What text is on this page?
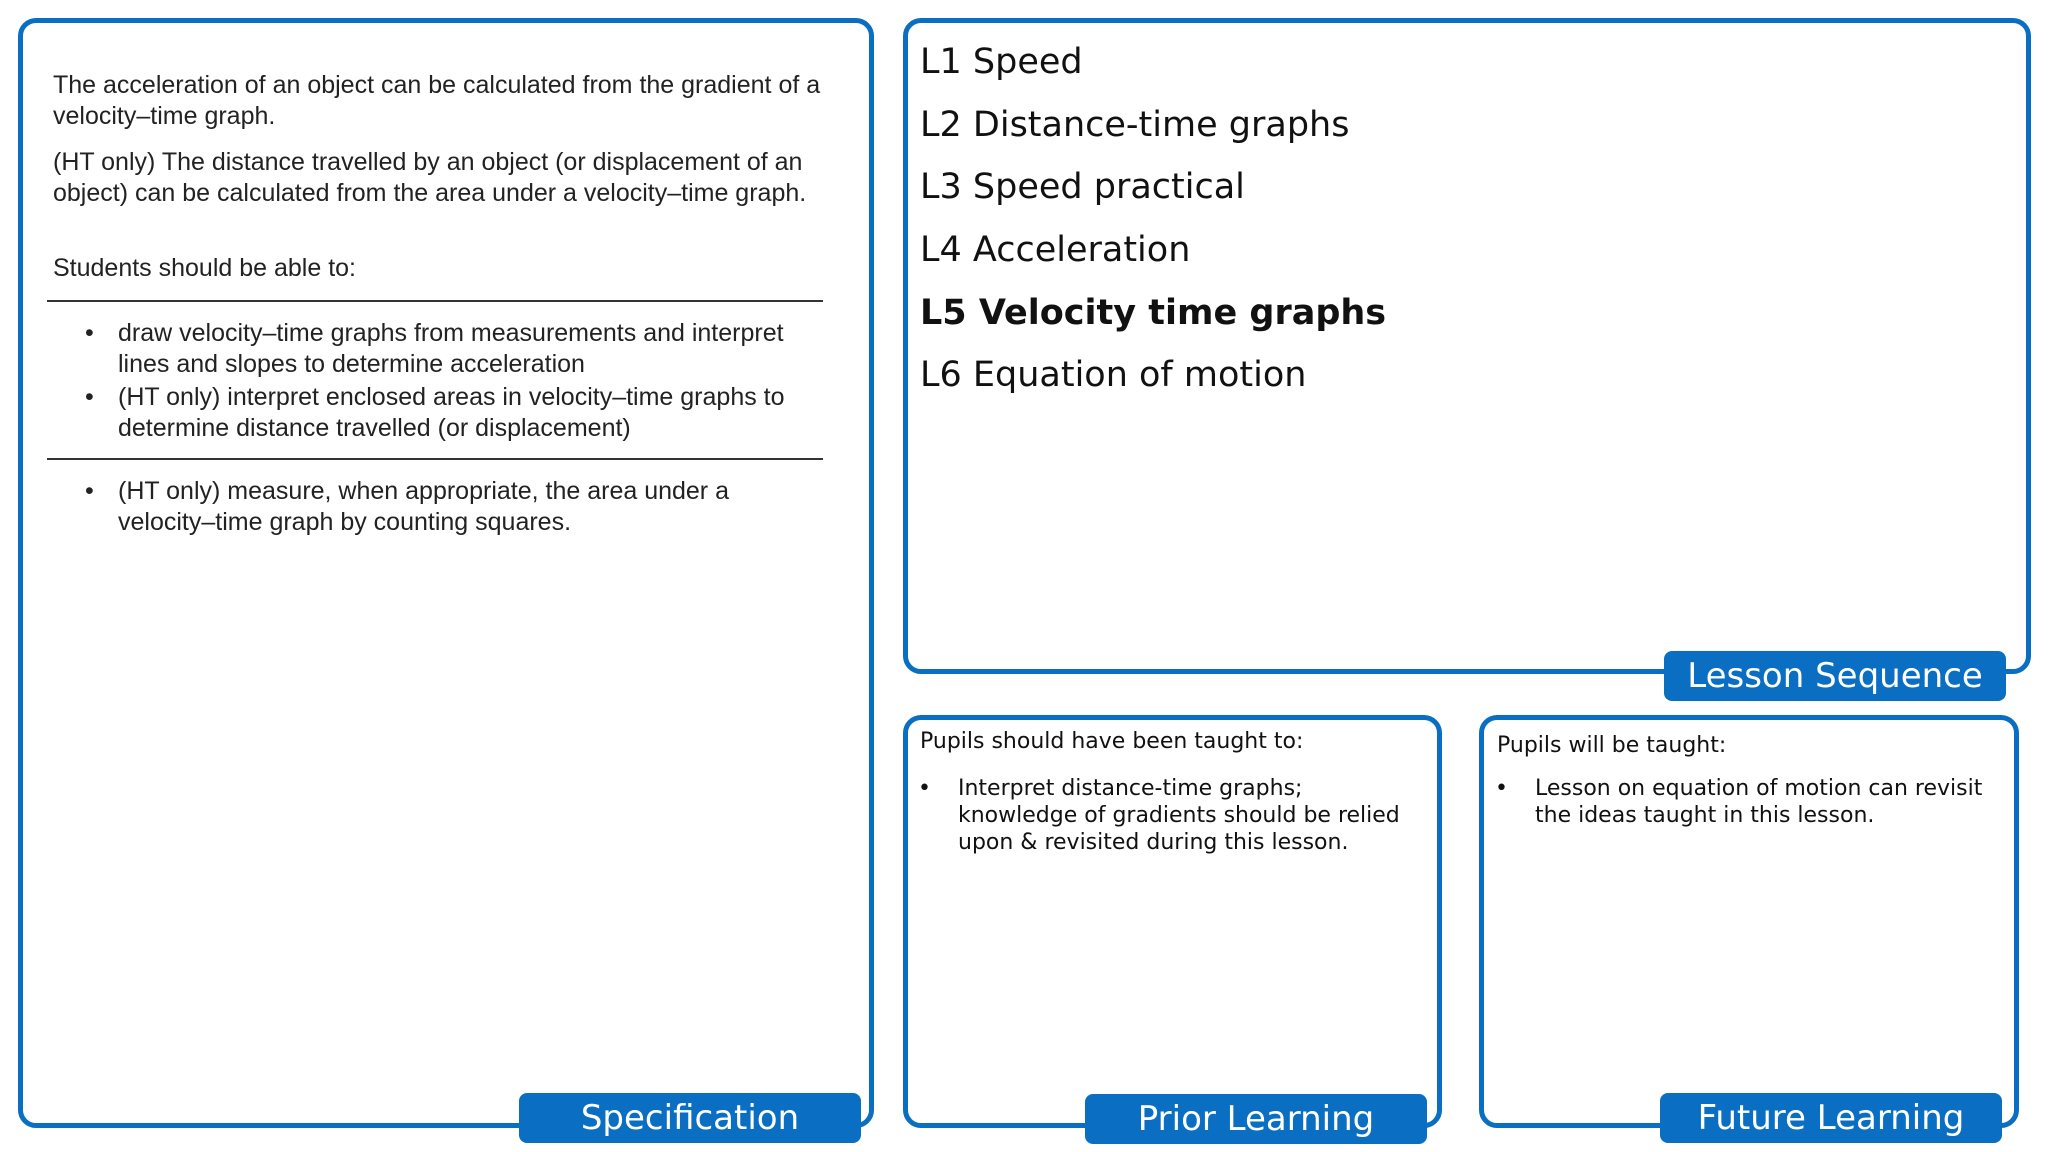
The acceleration of an object can be calculated from the gradient of a velocity–time graph.

(HT only) The distance travelled by an object (or displacement of an object) can be calculated from the area under a velocity–time graph.

Students should be able to:

• draw velocity–time graphs from measurements and interpret lines and slopes to determine acceleration
• (HT only) interpret enclosed areas in velocity–time graphs to determine distance travelled (or displacement)
• (HT only) measure, when appropriate, the area under a velocity–time graph by counting squares.
Specification
L1 Speed
L2 Distance-time graphs
L3 Speed practical
L4 Acceleration
L5 Velocity time graphs
L6 Equation of motion
Lesson Sequence
Pupils should have been taught to:
• Interpret distance-time graphs; knowledge of gradients should be relied upon & revisited during this lesson.
Prior Learning
Pupils will be taught:
• Lesson on equation of motion can revisit the ideas taught in this lesson.
Future Learning
